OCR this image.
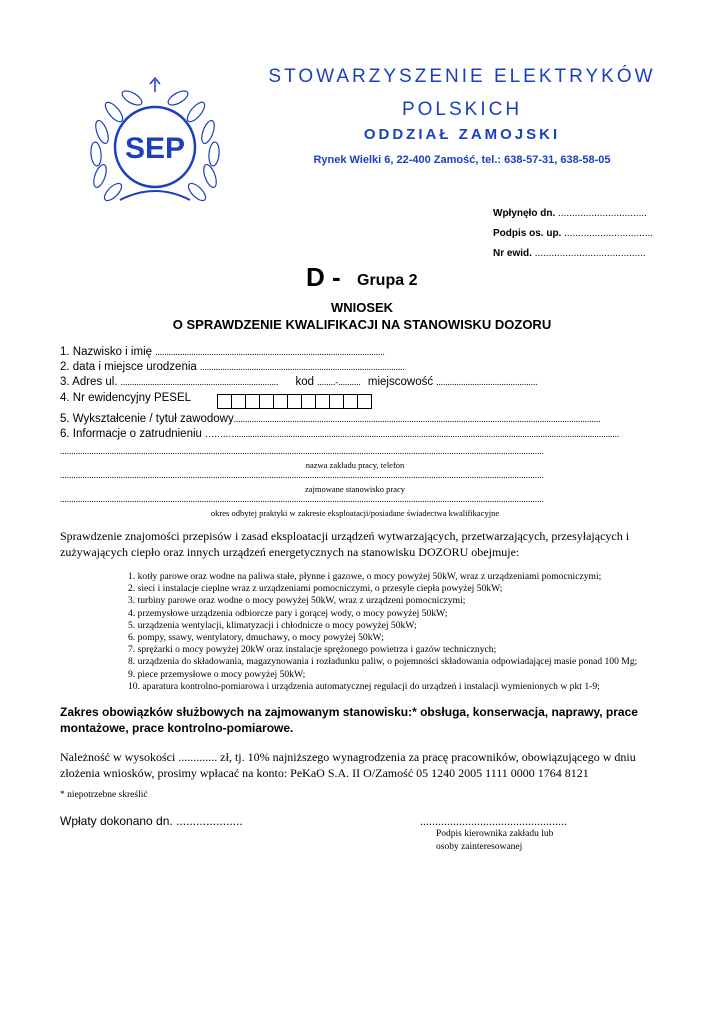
SEP
STOWARZYSZENIE ELEKTRYKÓW
POLSKICH
ODDZIAŁ ZAMOJSKI
Rynek Wielki 6, 22-400 Zamość, tel.: 638-57-31, 638-58-05
Wpłynęło dn. ................................
Podpis os. up. ................................
Nr ewid. ........................................
D - Grupa 2
WNIOSEK
O SPRAWDZENIE KWALIFIKACJI NA STANOWISKU DOZORU
1. Nazwisko i imię ......................................................................................................
2. data i miejsce urodzenia ...........................................................................................
3. Adres ul. ...................................................................... kod ........-.......... miejscowość .............................................
4. Nr ewidencyjny PESEL
5. Wykształcenie / tytuł zawodowy...................................................................................................................................................................
6. Informacje o zatrudnieniu …….…...........................................................................................................................................................................
.......................................................................................................................................................................................................................
nazwa zakładu pracy, telefon
.......................................................................................................................................................................................................................
zajmowane stanowisko pracy
.......................................................................................................................................................................................................................
okres odbytej praktyki w zakresie eksploatacji/posiadane świadectwa kwalifikacyjne
Sprawdzenie znajomości przepisów i zasad eksploatacji urządzeń wytwarzających, przetwarzających, przesyłających i zużywających ciepło oraz innych urządzeń energetycznych na stanowisku DOZORU obejmuje:
1. kotły parowe oraz wodne na paliwa stałe, płynne i gazowe, o mocy powyżej 50kW, wraz z urządzeniami pomocniczymi;
2. sieci i instalacje cieplne wraz z urządzeniami pomocniczymi, o przesyle ciepła powyżej 50kW;
3. turbiny parowe oraz wodne o mocy powyżej 50kW, wraz z urządzeni pomocniczymi;
4. przemysłowe urządzenia odbiorcze pary i gorącej wody, o mocy powyżej 50kW;
5. urządzenia wentylacji, klimatyzacji i chłodnicze o mocy powyżej 50kW;
6. pompy, ssawy, wentylatory, dmuchawy, o mocy powyżej 50kW;
7. sprężarki o mocy powyżej 20kW oraz instalacje sprężonego powietrza i gazów technicznych;
8. urządzenia do składowania, magazynowania i rozładunku paliw, o pojemności składowania odpowiadającej masie ponad 100 Mg;
9. piece przemysłowe o mocy powyżej 50kW;
10. aparatura kontrolno-pomiarowa i urządzenia automatycznej regulacji do urządzeń i instalacji wymienionych w pkt 1-9;
Zakres obowiązków służbowych na zajmowanym stanowisku:* obsługa, konserwacja, naprawy, prace
montażowe, prace kontrolno-pomiarowe.
Należność w wysokości ............. zł, tj. 10% najniższego wynagrodzenia za pracę pracowników, obowiązującego w dniu
złożenia wniosków, prosimy wpłacać na konto: PeKaO S.A. II O/Zamość 05 1240 2005 1111 0000 1764 8121
* niepotrzebne skreślić
Wpłaty dokonano dn. ....................	.................................................
Podpis kierownika zakładu lub
osoby zainteresowanej
